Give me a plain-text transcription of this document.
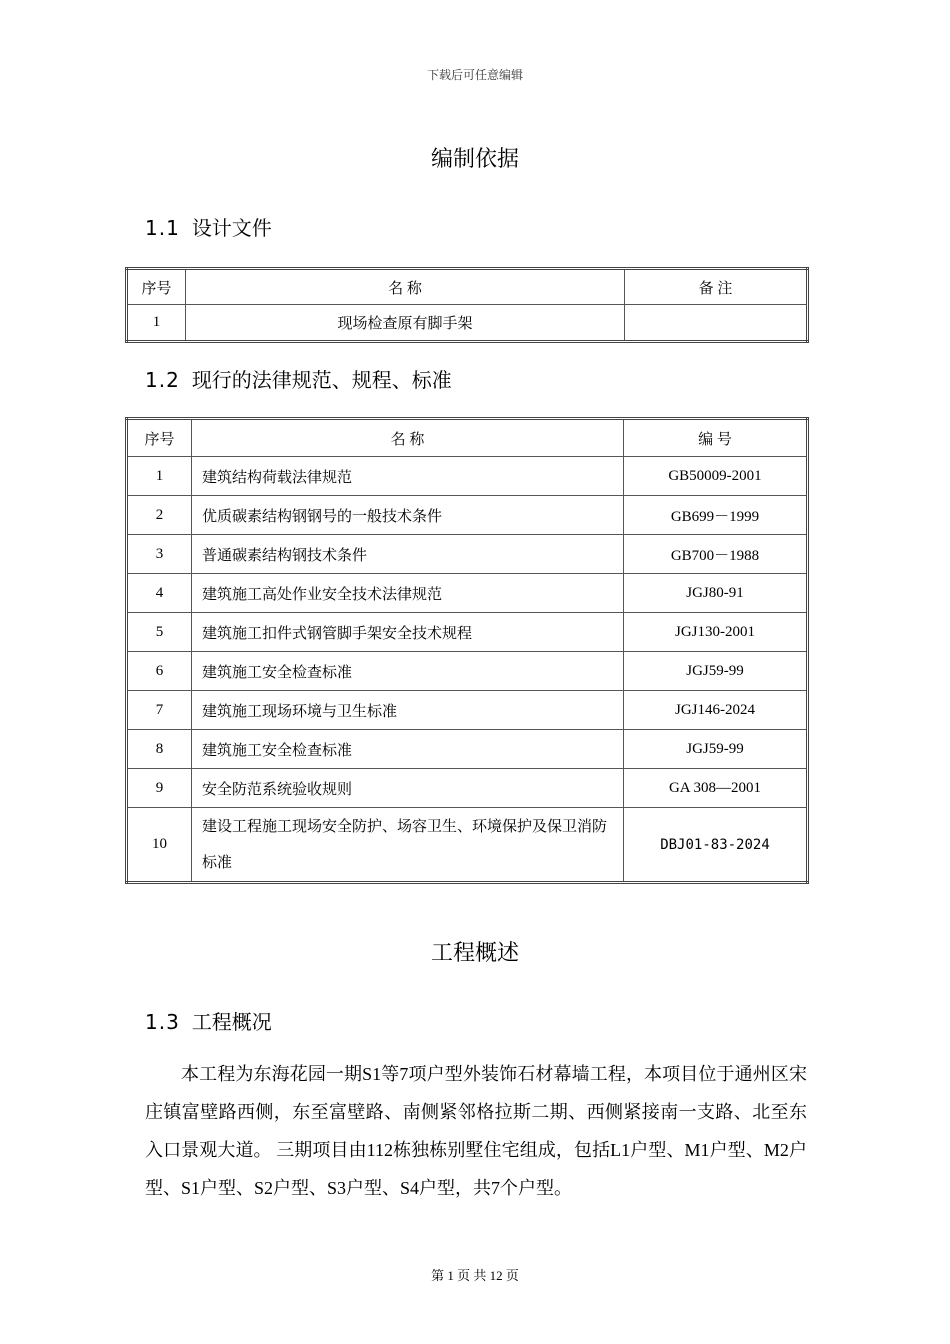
下载后可任意编辑
编制依据
1.1 设计文件
序号	名 称	备 注
1	现场检查原有脚手架	
1.2 现行的法律规范、规程、标准
序号	名 称	编 号
1	建筑结构荷载法律规范	GB50009-2001
2	优质碳素结构钢钢号的一般技术条件	GB699－1999
3	普通碳素结构钢技术条件	GB700－1988
4	建筑施工高处作业安全技术法律规范	JGJ80-91
5	建筑施工扣件式钢管脚手架安全技术规程	JGJ130-2001
6	建筑施工安全检查标准	JGJ59-99
7	建筑施工现场环境与卫生标准	JGJ146-2024
8	建筑施工安全检查标准	JGJ59-99
9	安全防范系统验收规则	GA 308—2001
10	建设工程施工现场安全防护、场容卫生、环境保护及保卫消防标准	DBJ01-83-2024
工程概述
1.3 工程概况
本工程为东海花园一期S1等7项户型外装饰石材幕墙工程，本项目位于通州区宋庄镇富壁路西侧，东至富壁路、南侧紧邻格拉斯二期、西侧紧接南一支路、北至东入口景观大道。 三期项目由112栋独栋别墅住宅组成，包括L1户型、M1户型、M2户型、S1户型、S2户型、S3户型、S4户型，共7个户型。
第 1 页 共 12 页
